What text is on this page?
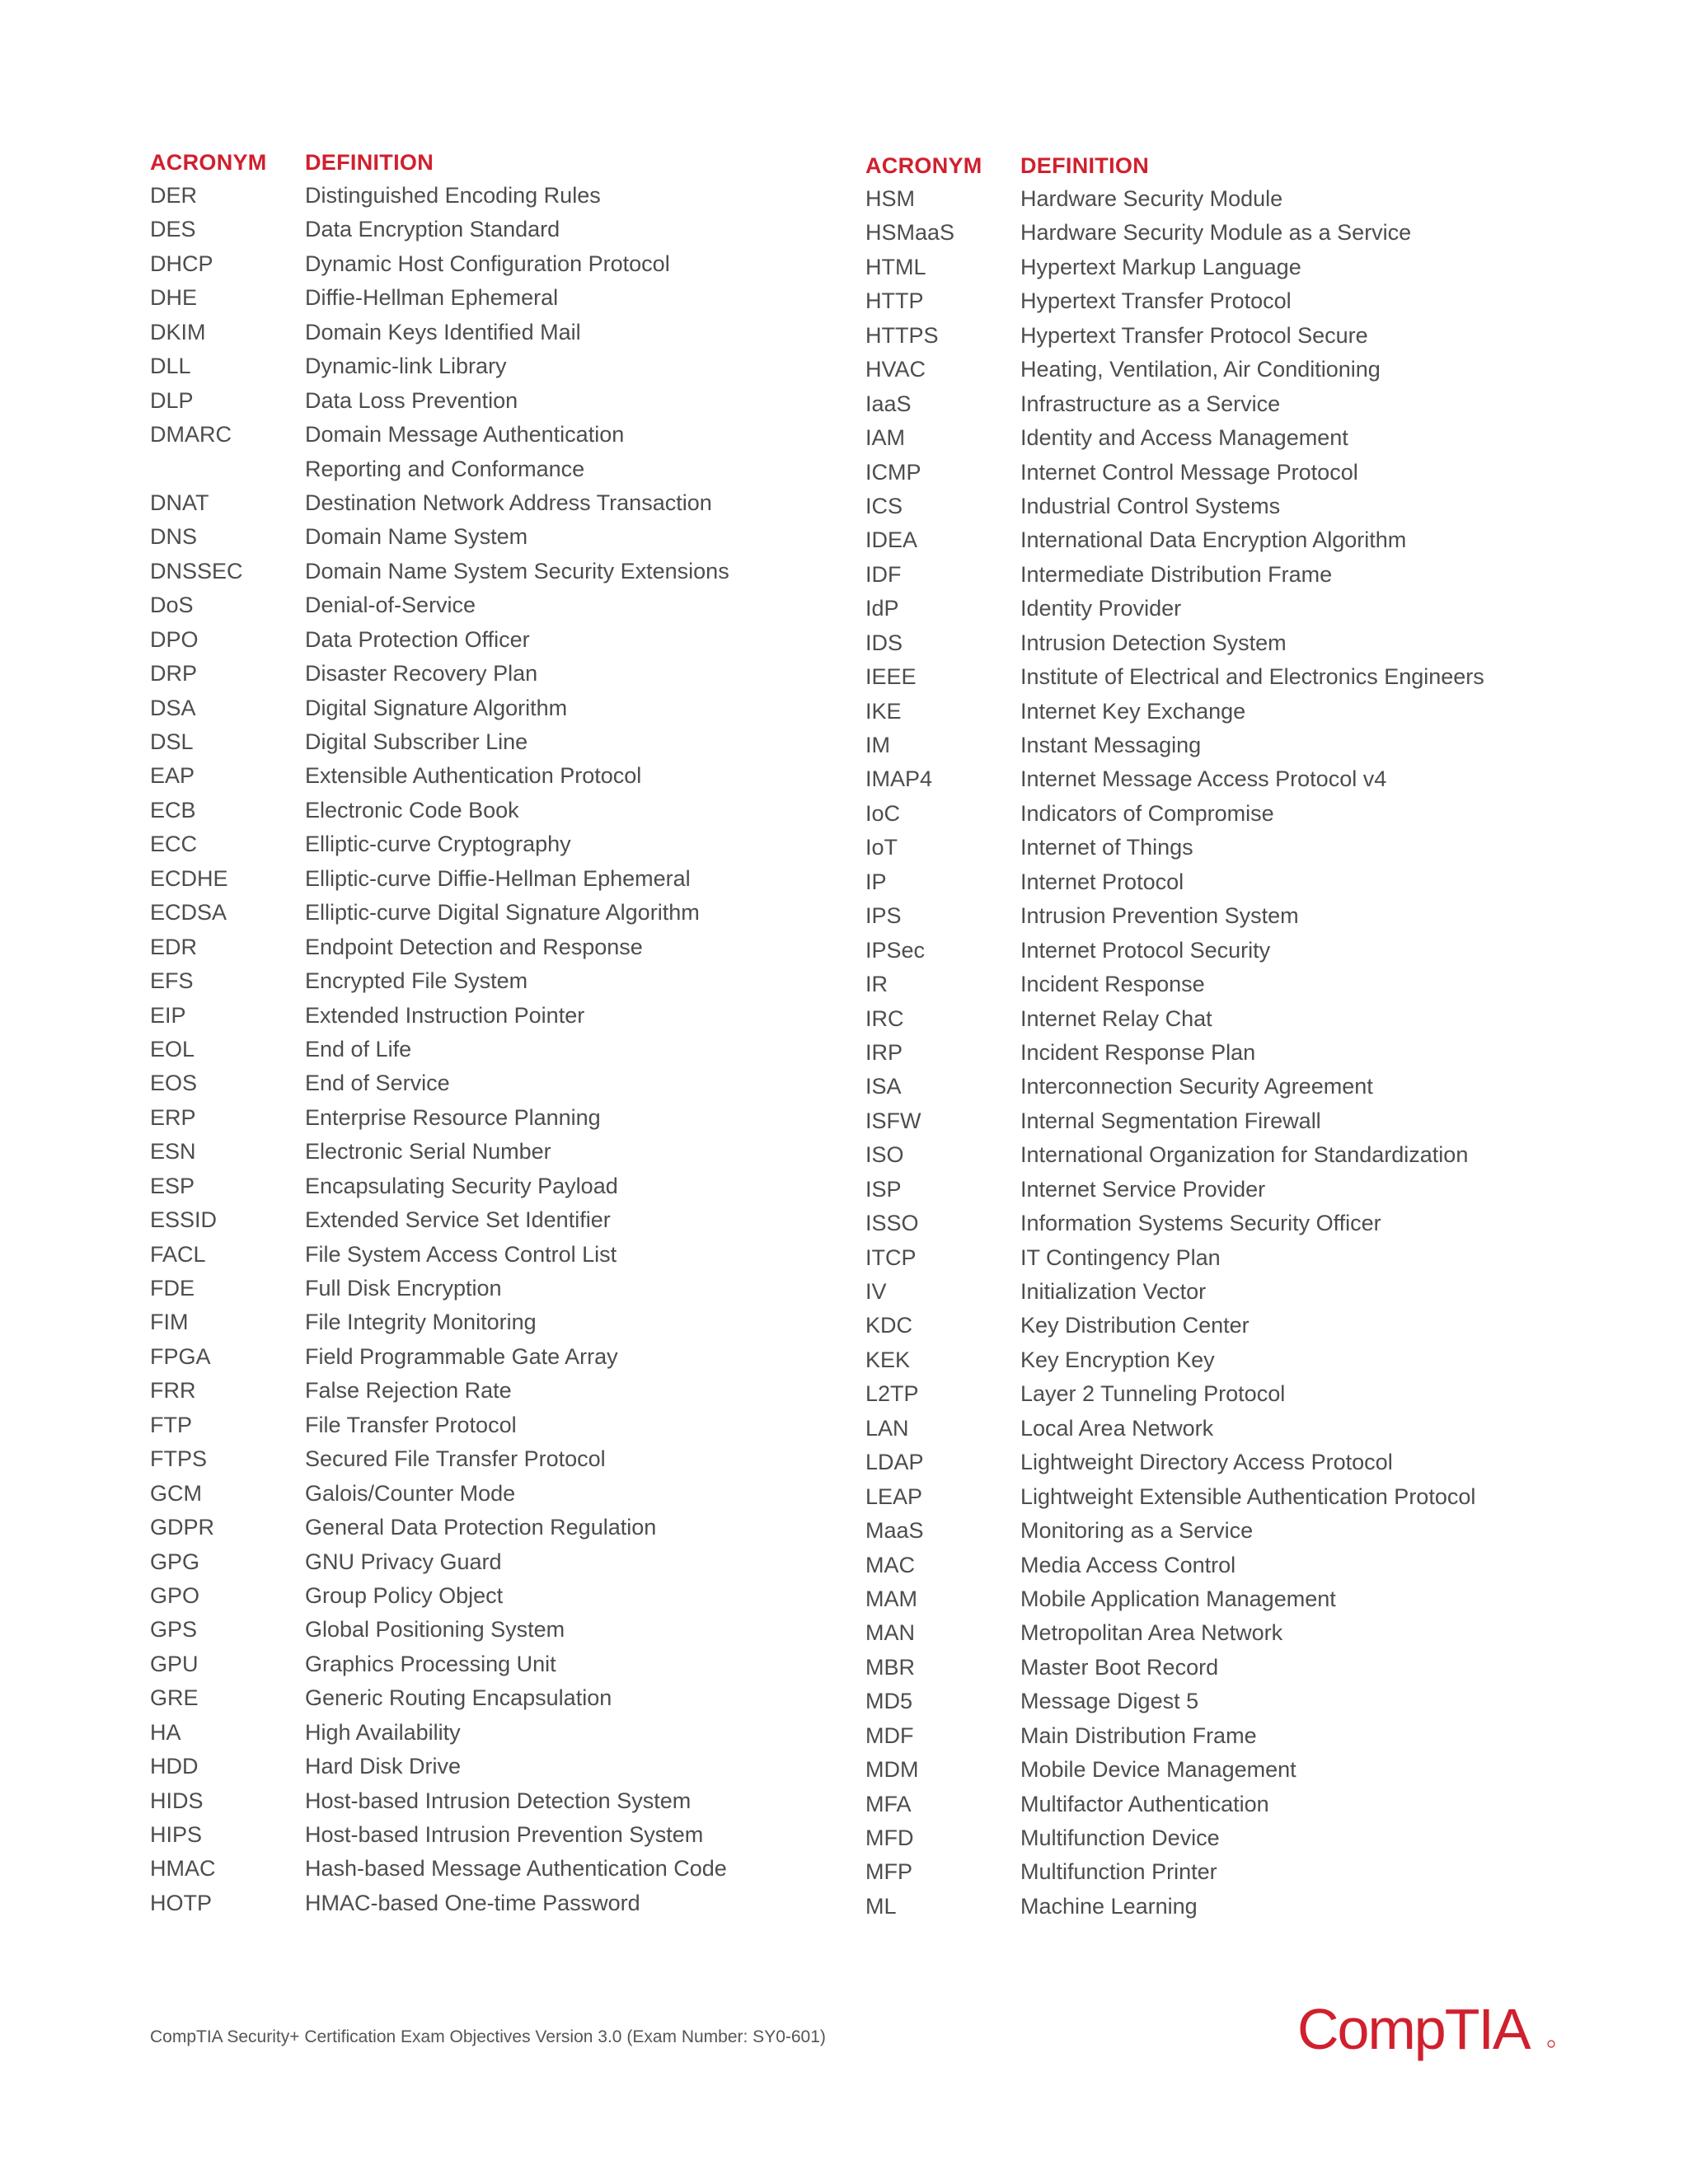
ACRONYM	DEFINITION
DER	Distinguished Encoding Rules
DES	Data Encryption Standard
DHCP	Dynamic Host Configuration Protocol
DHE	Diffie-Hellman Ephemeral
DKIM	Domain Keys Identified Mail
DLL	Dynamic-link Library
DLP	Data Loss Prevention
DMARC	Domain Message Authentication
Reporting and Conformance
DNAT	Destination Network Address Transaction
DNS	Domain Name System
DNSSEC	Domain Name System Security Extensions
DoS	Denial-of-Service
DPO	Data Protection Officer
DRP	Disaster Recovery Plan
DSA	Digital Signature Algorithm
DSL	Digital Subscriber Line
EAP	Extensible Authentication Protocol
ECB	Electronic Code Book
ECC	Elliptic-curve Cryptography
ECDHE	Elliptic-curve Diffie-Hellman Ephemeral
ECDSA	Elliptic-curve Digital Signature Algorithm
EDR	Endpoint Detection and Response
EFS	Encrypted File System
EIP	Extended Instruction Pointer
EOL	End of Life
EOS	End of Service
ERP	Enterprise Resource Planning
ESN	Electronic Serial Number
ESP	Encapsulating Security Payload
ESSID	Extended Service Set Identifier
FACL	File System Access Control List
FDE	Full Disk Encryption
FIM	File Integrity Monitoring
FPGA	Field Programmable Gate Array
FRR	False Rejection Rate
FTP	File Transfer Protocol
FTPS	Secured File Transfer Protocol
GCM	Galois/Counter Mode
GDPR	General Data Protection Regulation
GPG	GNU Privacy Guard
GPO	Group Policy Object
GPS	Global Positioning System
GPU	Graphics Processing Unit
GRE	Generic Routing Encapsulation
HA	High Availability
HDD	Hard Disk Drive
HIDS	Host-based Intrusion Detection System
HIPS	Host-based Intrusion Prevention System
HMAC	Hash-based Message Authentication Code
HOTP	HMAC-based One-time Password
ACRONYM	DEFINITION
HSM	Hardware Security Module
HSMaaS	Hardware Security Module as a Service
HTML	Hypertext Markup Language
HTTP	Hypertext Transfer Protocol
HTTPS	Hypertext Transfer Protocol Secure
HVAC	Heating, Ventilation, Air Conditioning
IaaS	Infrastructure as a Service
IAM	Identity and Access Management
ICMP	Internet Control Message Protocol
ICS	Industrial Control Systems
IDEA	International Data Encryption Algorithm
IDF	Intermediate Distribution Frame
IdP	Identity Provider
IDS	Intrusion Detection System
IEEE	Institute of Electrical and Electronics Engineers
IKE	Internet Key Exchange
IM	Instant Messaging
IMAP4	Internet Message Access Protocol v4
IoC	Indicators of Compromise
IoT	Internet of Things
IP	Internet Protocol
IPS	Intrusion Prevention System
IPSec	Internet Protocol Security
IR	Incident Response
IRC	Internet Relay Chat
IRP	Incident Response Plan
ISA	Interconnection Security Agreement
ISFW	Internal Segmentation Firewall
ISO	International Organization for Standardization
ISP	Internet Service Provider
ISSO	Information Systems Security Officer
ITCP	IT Contingency Plan
IV	Initialization Vector
KDC	Key Distribution Center
KEK	Key Encryption Key
L2TP	Layer 2 Tunneling Protocol
LAN	Local Area Network
LDAP	Lightweight Directory Access Protocol
LEAP	Lightweight Extensible Authentication Protocol
MaaS	Monitoring as a Service
MAC	Media Access Control
MAM	Mobile Application Management
MAN	Metropolitan Area Network
MBR	Master Boot Record
MD5	Message Digest 5
MDF	Main Distribution Frame
MDM	Mobile Device Management
MFA	Multifactor Authentication
MFD	Multifunction Device
MFP	Multifunction Printer
ML	Machine Learning
CompTIA Security+ Certification Exam Objectives Version 3.0 (Exam Number: SY0-601)	CompTIA
